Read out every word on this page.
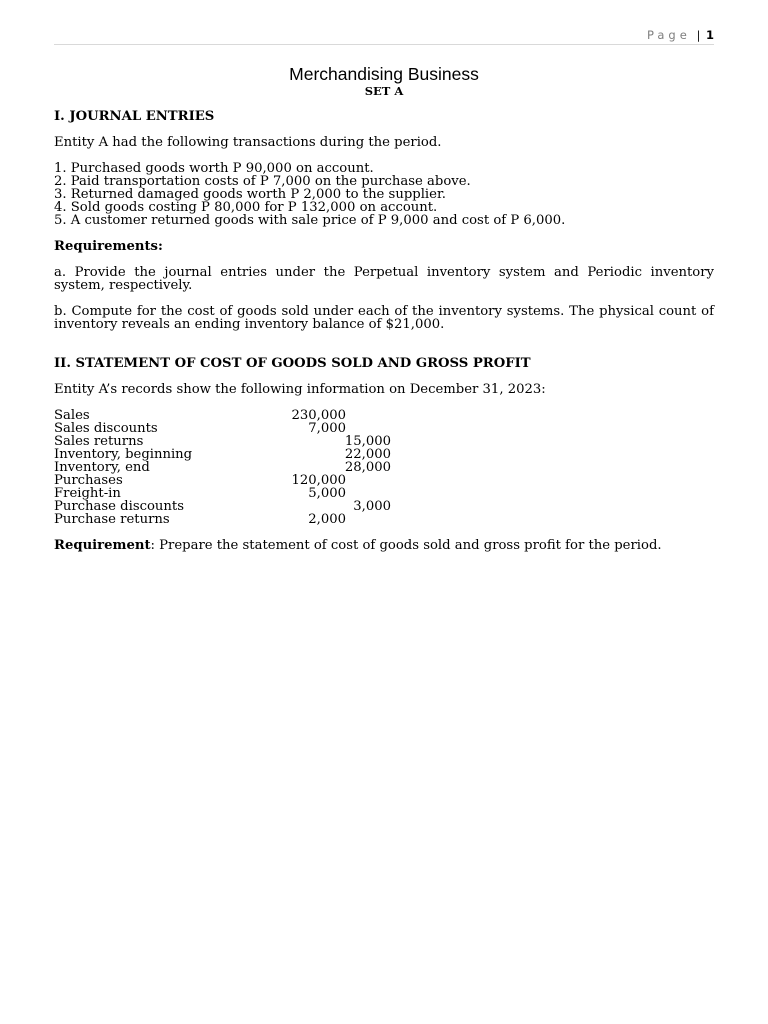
Page | 1
Merchandising Business
SET A
I. JOURNAL ENTRIES
Entity A had the following transactions during the period.
1. Purchased goods worth P 90,000 on account.
2. Paid transportation costs of P 7,000 on the purchase above.
3. Returned damaged goods worth P 2,000 to the supplier.
4. Sold goods costing P 80,000 for P 132,000 on account.
5. A customer returned goods with sale price of P 9,000 and cost of P 6,000.
Requirements:
a. Provide the journal entries under the Perpetual inventory system and Periodic inventory system, respectively.
b. Compute for the cost of goods sold under each of the inventory systems. The physical count of inventory reveals an ending inventory balance of $21,000.
II. STATEMENT OF COST OF GOODS SOLD AND GROSS PROFIT
Entity A’s records show the following information on December 31, 2023:
Sales	230,000
Sales discounts	7,000
Sales returns	15,000
Inventory, beginning	22,000
Inventory, end	28,000
Purchases	120,000
Freight-in	5,000
Purchase discounts	3,000
Purchase returns	2,000
Requirement: Prepare the statement of cost of goods sold and gross profit for the period.
